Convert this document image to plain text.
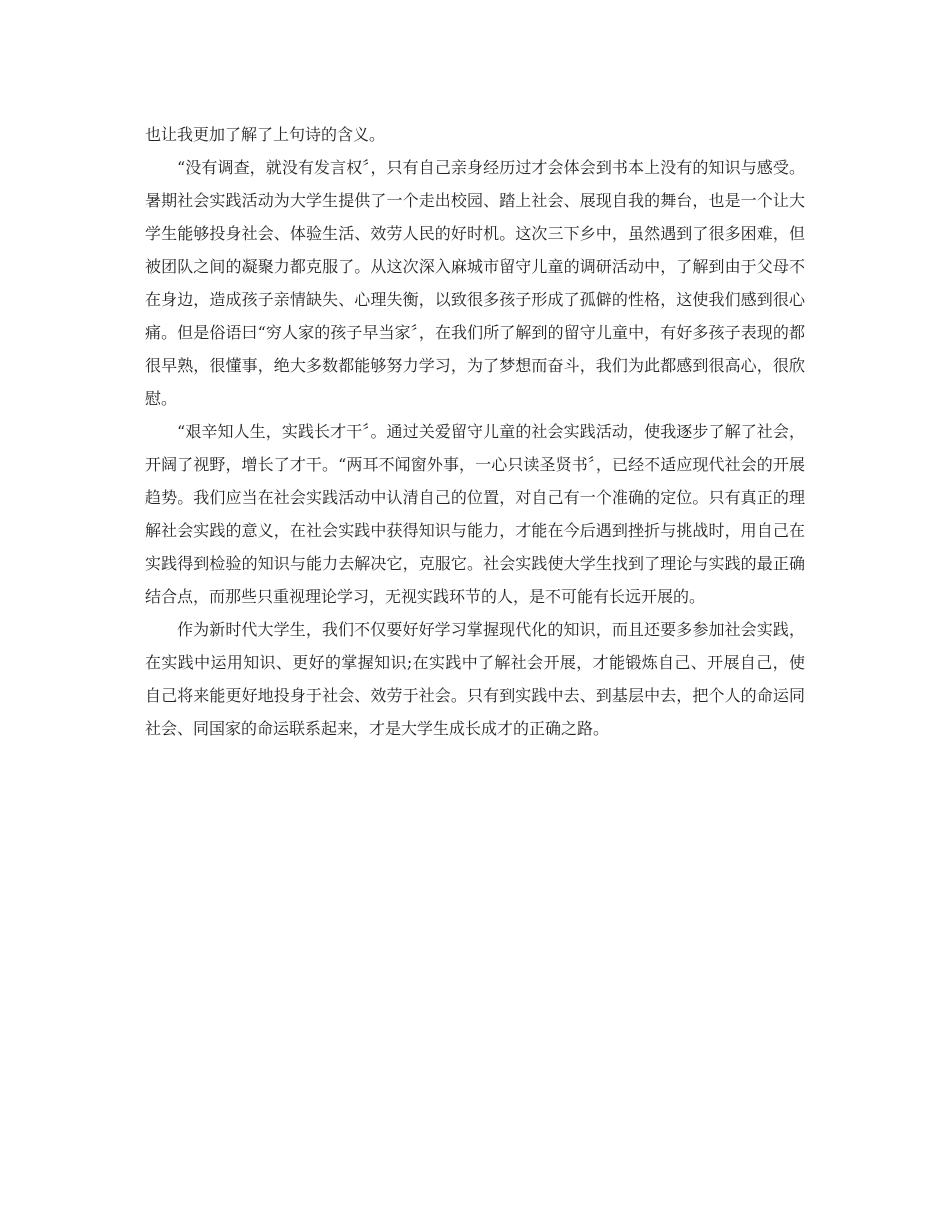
也让我更加了解了上句诗的含义。

“没有调查，就没有发言权〞，只有自己亲身经历过才会体会到书本上没有的知识与感受。暑期社会实践活动为大学生提供了一个走出校园、踏上社会、展现自我的舞台，也是一个让大学生能够投身社会、体验生活、效劳人民的好时机。这次三下乡中，虽然遇到了很多困难，但被团队之间的凝聚力都克服了。从这次深入麻城市留守儿童的调研活动中，了解到由于父母不在身边，造成孩子亲情缺失、心理失衡，以致很多孩子形成了孤僻的性格，这使我们感到很心痛。但是俗语曰“穷人家的孩子早当家〞，在我们所了解到的留守儿童中，有好多孩子表现的都很早熟，很懂事，绝大多数都能够努力学习，为了梦想而奋斗，我们为此都感到很高心，很欣慰。

“艰辛知人生，实践长才干〞。通过关爱留守儿童的社会实践活动，使我逐步了解了社会，开阔了视野，增长了才干。“两耳不闻窗外事，一心只读圣贤书〞，已经不适应现代社会的开展趋势。我们应当在社会实践活动中认清自己的位置，对自己有一个准确的定位。只有真正的理解社会实践的意义，在社会实践中获得知识与能力，才能在今后遇到挫折与挑战时，用自己在实践得到检验的知识与能力去解决它，克服它。社会实践使大学生找到了理论与实践的最正确结合点，而那些只重视理论学习，无视实践环节的人，是不可能有长远开展的。

作为新时代大学生，我们不仅要好好学习掌握现代化的知识，而且还要多参加社会实践，在实践中运用知识、更好的掌握知识;在实践中了解社会开展，才能锻炼自己、开展自己，使自己将来能更好地投身于社会、效劳于社会。只有到实践中去、到基层中去，把个人的命运同社会、同国家的命运联系起来，才是大学生成长成才的正确之路。
